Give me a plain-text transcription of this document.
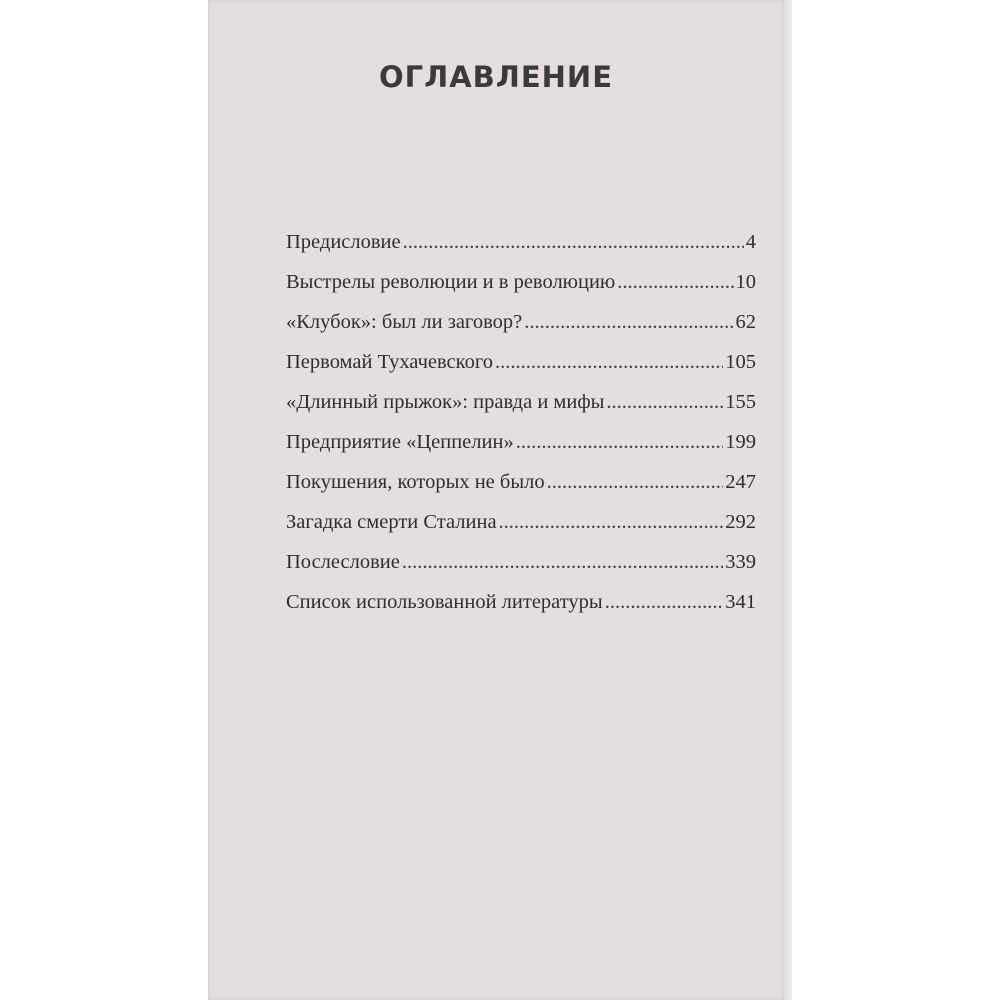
ОГЛАВЛЕНИЕ
Предисловие .....	4
Выстрелы революции и в революцию .....	10
«Клубок»: был ли заговор? .....	62
Первомай Тухачевского .....	105
«Длинный прыжок»: правда и мифы .....	155
Предприятие «Цеппелин» .....	199
Покушения, которых не было .....	247
Загадка смерти Сталина .....	292
Послесловие .....	339
Список использованной литературы .....	341
